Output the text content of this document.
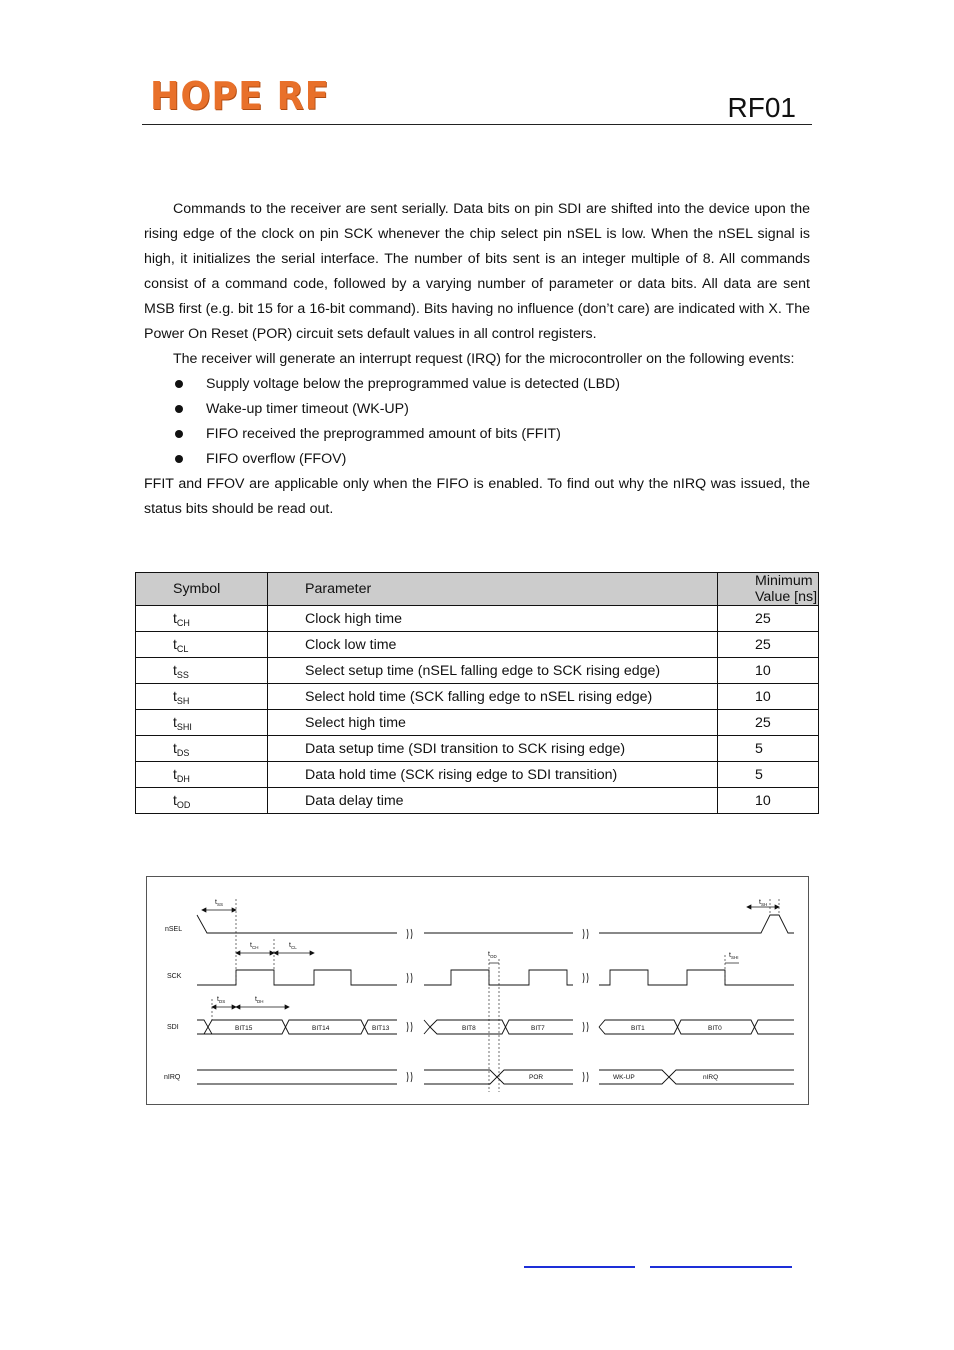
HOPE RF	RF01

Commands to the receiver are sent serially. Data bits on pin SDI are shifted into the device upon the rising edge of the clock on pin SCK whenever the chip select pin nSEL is low. When the nSEL signal is high, it initializes the serial interface. The number of bits sent is an integer multiple of 8. All commands consist of a command code, followed by a varying number of parameter or data bits. All data are sent MSB first (e.g. bit 15 for a 16-bit command). Bits having no influence (don’t care) are indicated with X. The Power On Reset (POR) circuit sets default values in all control registers.

The receiver will generate an interrupt request (IRQ) for the microcontroller on the following events:

Supply voltage below the preprogrammed value is detected (LBD)
Wake-up timer timeout (WK-UP)
FIFO received the preprogrammed amount of bits (FFIT)
FIFO overflow (FFOV)

FFIT and FFOV are applicable only when the FIFO is enabled. To find out why the nIRQ was issued, the status bits should be read out.

Symbol	Parameter	Minimum Value [ns]
$t_{CH}$	Clock high time	25
$t_{CL}$	Clock low time	25
$t_{SS}$	Select setup time (nSEL falling edge to SCK rising edge)	10
$t_{SH}$	Select hold time (SCK falling edge to nSEL rising edge)	10
$t_{SHI}$	Select high time	25
$t_{DS}$	Data setup time (SDI transition to SCK rising edge)	5
$t_{DH}$	Data hold time (SCK rising edge to SDI transition)	5
$t_{OD}$	Data delay time	10
nSEL
SCK
SDI
nIRQ
$t_{SS}$	$t_{SH}$
$t_{CH}$	$t_{CL}$
$t_{OD}$	$t_{SHI}$
$t_{DS}$	$t_{DH}$
BIT15	BIT14	BIT13	BIT8	BIT7	BIT1	BIT0
POR	WK-UP	nIRQ
